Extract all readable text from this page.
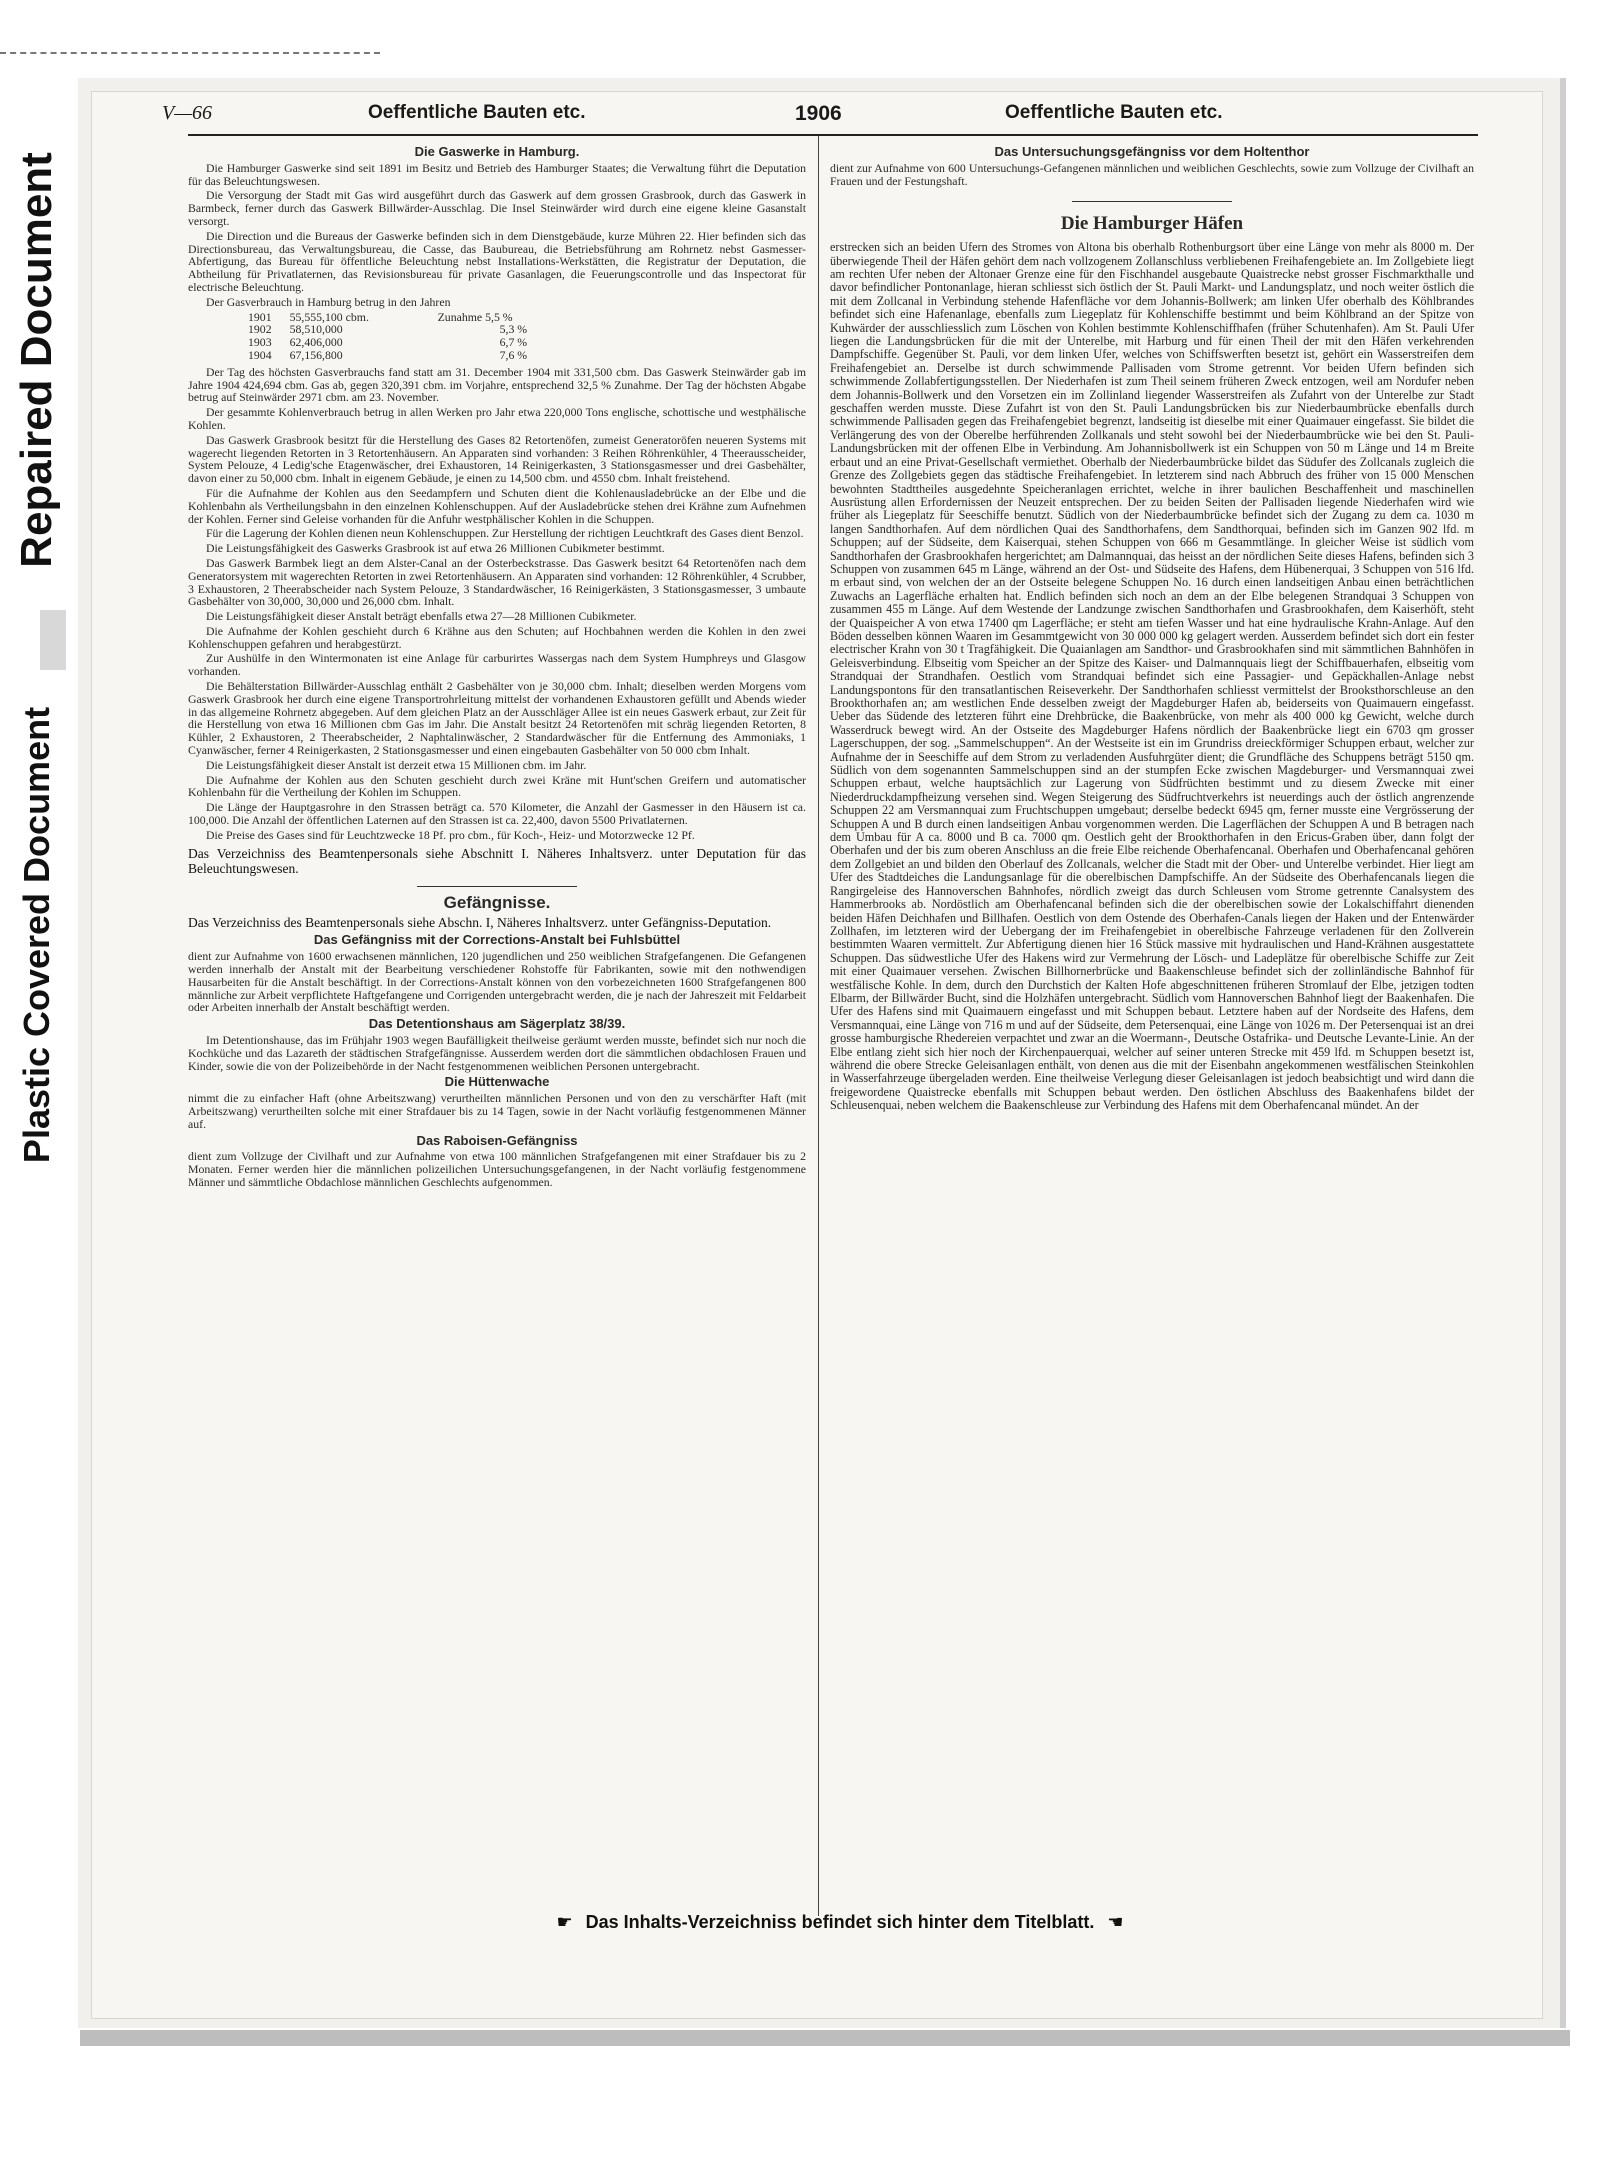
Repaired Document
Plastic Covered Document
V—66	Oeffentliche Bauten etc.	1906	Oeffentliche Bauten etc.
Die Gaswerke in Hamburg.

Die Hamburger Gaswerke sind seit 1891 im Besitz und Betrieb des Hamburger Staates; die Verwaltung führt die Deputation für das Beleuchtungswesen.

Die Versorgung der Stadt mit Gas wird ausgeführt durch das Gaswerk auf dem grossen Grasbrook, durch das Gaswerk in Barmbeck, ferner durch das Gaswerk Billwärder-Ausschlag. Die Insel Steinwärder wird durch eine eigene kleine Gasanstalt versorgt.

Die Direction und die Bureaus der Gaswerke befinden sich in dem Dienstgebäude, kurze Mühren 22. Hier befinden sich das Directionsbureau, das Verwaltungsbureau, die Casse, das Baubureau, die Betriebsführung am Rohrnetz nebst Gasmesser-Abfertigung, das Bureau für öffentliche Beleuchtung nebst Installations-Werkstätten, die Registratur der Deputation, die Abtheilung für Privatlaternen, das Revisionsbureau für private Gasanlagen, die Feuerungscontrolle und das Inspectorat für electrische Beleuchtung.

Der Gasverbrauch in Hamburg betrug in den Jahren

1901 55,555,100 cbm.	Zunahme 5,5 %
1902 58,510,000	5,3 %
1903 62,406,000	6,7 %
1904 67,156,800	7,6 %

Der Tag des höchsten Gasverbrauchs fand statt am 31. December 1904 mit 331,500 cbm. Das Gaswerk Steinwärder gab im Jahre 1904 424,694 cbm. Gas ab, gegen 320,391 cbm. im Vorjahre, entsprechend 32,5 % Zunahme. Der Tag der höchsten Abgabe betrug auf Steinwärder 2971 cbm. am 23. November.

Der gesammte Kohlenverbrauch betrug in allen Werken pro Jahr etwa 220,000 Tons englische, schottische und westphälische Kohlen.

Das Gaswerk Grasbrook besitzt für die Herstellung des Gases 82 Retortenöfen, zumeist Generatoröfen neueren Systems mit wagerecht liegenden Retorten in 3 Retortenhäusern. An Apparaten sind vorhanden: 3 Reihen Röhrenkühler, 4 Theerausscheider, System Pelouze, 4 Ledig'sche Etagenwäscher, drei Exhaustoren, 14 Reinigerkasten, 3 Stationsgasmesser und drei Gasbehälter, davon einer zu 50,000 cbm. Inhalt in eigenem Gebäude, je einen zu 14,500 cbm. und 4550 cbm. Inhalt freistehend.

Für die Aufnahme der Kohlen aus den Seedampfern und Schuten dient die Kohlenausladebrücke an der Elbe und die Kohlenbahn als Vertheilungsbahn in den einzelnen Kohlenschuppen. Auf der Ausladebrücke stehen drei Krähne zum Aufnehmen der Kohlen. Ferner sind Geleise vorhanden für die Anfuhr westphälischer Kohlen in die Schuppen.

Für die Lagerung der Kohlen dienen neun Kohlenschuppen. Zur Herstellung der richtigen Leuchtkraft des Gases dient Benzol.

Die Leistungsfähigkeit des Gaswerks Grasbrook ist auf etwa 26 Millionen Cubikmeter bestimmt.

Das Gaswerk Barmbek liegt an dem Alster-Canal an der Osterbeckstrasse. Das Gaswerk besitzt 64 Retortenöfen nach dem Generatorsystem mit wagerechten Retorten in zwei Retortenhäusern. An Apparaten sind vorhanden: 12 Röhrenkühler, 4 Scrubber, 3 Exhaustoren, 2 Theerabscheider nach System Pelouze, 3 Standardwäscher, 16 Reinigerkästen, 3 Stationsgasmesser, 3 umbaute Gasbehälter von 30,000, 30,000 und 26,000 cbm. Inhalt.

Die Leistungsfähigkeit dieser Anstalt beträgt ebenfalls etwa 27—28 Millionen Cubikmeter.

Die Aufnahme der Kohlen geschieht durch 6 Krähne aus den Schuten; auf Hochbahnen werden die Kohlen in den zwei Kohlenschuppen gefahren und herabgestürzt.

Zur Aushülfe in den Wintermonaten ist eine Anlage für carburirtes Wassergas nach dem System Humphreys und Glasgow vorhanden.

Die Behälterstation Billwärder-Ausschlag enthält 2 Gasbehälter von je 30,000 cbm. Inhalt; dieselben werden Morgens vom Gaswerk Grasbrook her durch eine eigene Transportrohrleitung mittelst der vorhandenen Exhaustoren gefüllt und Abends wieder in das allgemeine Rohrnetz abgegeben. Auf dem gleichen Platz an der Ausschläger Allee ist ein neues Gaswerk erbaut, zur Zeit für die Herstellung von etwa 16 Millionen cbm Gas im Jahr. Die Anstalt besitzt 24 Retortenöfen mit schräg liegenden Retorten, 8 Kühler, 2 Exhaustoren, 2 Theerabscheider, 2 Naphtalinwäscher, 2 Standardwäscher für die Entfernung des Ammoniaks, 1 Cyanwäscher, ferner 4 Reinigerkasten, 2 Stationsgasmesser und einen eingebauten Gasbehälter von 50 000 cbm Inhalt.

Die Leistungsfähigkeit dieser Anstalt ist derzeit etwa 15 Millionen cbm. im Jahr.

Die Aufnahme der Kohlen aus den Schuten geschieht durch zwei Kräne mit Hunt'schen Greifern und automatischer Kohlenbahn für die Vertheilung der Kohlen im Schuppen.

Die Länge der Hauptgasrohre in den Strassen beträgt ca. 570 Kilometer, die Anzahl der Gasmesser in den Häusern ist ca. 100,000. Die Anzahl der öffentlichen Laternen auf den Strassen ist ca. 22,400, davon 5500 Privatlaternen.

Die Preise des Gases sind für Leuchtzwecke 18 Pf. pro cbm., für Koch-, Heiz- und Motorzwecke 12 Pf.

Das Verzeichniss des Beamtenpersonals siehe Abschnitt I. Näheres Inhaltsverz. unter Deputation für das Beleuchtungswesen.

Gefängnisse.

Das Verzeichniss des Beamtenpersonals siehe Abschn. I, Näheres Inhaltsverz. unter Gefängniss-Deputation.

Das Gefängniss mit der Corrections-Anstalt bei Fuhlsbüttel

dient zur Aufnahme von 1600 erwachsenen männlichen, 120 jugendlichen und 250 weiblichen Strafgefangenen. Die Gefangenen werden innerhalb der Anstalt mit der Bearbeitung verschiedener Rohstoffe für Fabrikanten, sowie mit den nothwendigen Hausarbeiten für die Anstalt beschäftigt. In der Corrections-Anstalt können von den vorbezeichneten 1600 Strafgefangenen 800 männliche zur Arbeit verpflichtete Haftgefangene und Corrigenden untergebracht werden, die je nach der Jahreszeit mit Feldarbeit oder Arbeiten innerhalb der Anstalt beschäftigt werden.

Das Detentionshaus am Sägerplatz 38/39.

Im Detentionshause, das im Frühjahr 1903 wegen Baufälligkeit theilweise geräumt werden musste, befindet sich nur noch die Kochküche und das Lazareth der städtischen Strafgefängnisse. Ausserdem werden dort die sämmtlichen obdachlosen Frauen und Kinder, sowie die von der Polizeibehörde in der Nacht festgenommenen weiblichen Personen untergebracht.

Die Hüttenwache

nimmt die zu einfacher Haft (ohne Arbeitszwang) verurtheilten männlichen Personen und von den zu verschärfter Haft (mit Arbeitszwang) verurtheilten solche mit einer Strafdauer bis zu 14 Tagen, sowie in der Nacht vorläufig festgenommenen Männer auf.

Das Raboisen-Gefängniss

dient zum Vollzuge der Civilhaft und zur Aufnahme von etwa 100 männlichen Strafgefangenen mit einer Strafdauer bis zu 2 Monaten. Ferner werden hier die männlichen polizeilichen Untersuchungsgefangenen, in der Nacht vorläufig festgenommene Männer und sämmtliche Obdachlose männlichen Geschlechts aufgenommen.

Das Untersuchungsgefängniss vor dem Holtenthor

dient zur Aufnahme von 600 Untersuchungs-Gefangenen männlichen und weiblichen Geschlechts, sowie zum Vollzuge der Civilhaft an Frauen und der Festungshaft.

Die Hamburger Häfen

erstrecken sich an beiden Ufern des Stromes von Altona bis oberhalb Rothenburgsort über eine Länge von mehr als 8000 m. Der überwiegende Theil der Häfen gehört dem nach vollzogenem Zollanschluss verbliebenen Freihafengebiete an. Im Zollgebiete liegt am rechten Ufer neben der Altonaer Grenze eine für den Fischhandel ausgebaute Quaistrecke nebst grosser Fischmarkthalle und davor befindlicher Pontonanlage, hieran schliesst sich östlich der St. Pauli Markt- und Landungsplatz, und noch weiter östlich die mit dem Zollcanal in Verbindung stehende Hafenfläche vor dem Johannis-Bollwerk; am linken Ufer oberhalb des Köhlbrandes befindet sich eine Hafenanlage, ebenfalls zum Liegeplatz für Kohlenschiffe bestimmt und beim Köhlbrand an der Spitze von Kuhwärder der ausschliesslich zum Löschen von Kohlen bestimmte Kohlenschiffhafen (früher Schutenhafen). Am St. Pauli Ufer liegen die Landungsbrücken für die mit der Unterelbe, mit Harburg und für einen Theil der mit den Häfen verkehrenden Dampfschiffe. Gegenüber St. Pauli, vor dem linken Ufer, welches von Schiffswerften besetzt ist, gehört ein Wasserstreifen dem Freihafengebiet an. Derselbe ist durch schwimmende Pallisaden vom Strome getrennt. Vor beiden Ufern befinden sich schwimmende Zollabfertigungsstellen. Der Niederhafen ist zum Theil seinem früheren Zweck entzogen, weil am Nordufer neben dem Johannis-Bollwerk und den Vorsetzen ein im Zollinland liegender Wasserstreifen als Zufahrt von der Unterelbe zur Stadt geschaffen werden musste. Diese Zufahrt ist von den St. Pauli Landungsbrücken bis zur Niederbaumbrücke ebenfalls durch schwimmende Pallisaden gegen das Freihafengebiet begrenzt, landseitig ist dieselbe mit einer Quaimauer eingefasst. Sie bildet die Verlängerung des von der Oberelbe herführenden Zollkanals und steht sowohl bei der Niederbaumbrücke wie bei den St. Pauli-Landungsbrücken mit der offenen Elbe in Verbindung. Am Johannisbollwerk ist ein Schuppen von 50 m Länge und 14 m Breite erbaut und an eine Privat-Gesellschaft vermiethet. Oberhalb der Niederbaumbrücke bildet das Südufer des Zollcanals zugleich die Grenze des Zollgebiets gegen das städtische Freihafengebiet. In letzterem sind nach Abbruch des früher von 15 000 Menschen bewohnten Stadttheiles ausgedehnte Speicheranlagen errichtet, welche in ihrer baulichen Beschaffenheit und maschinellen Ausrüstung allen Erfordernissen der Neuzeit entsprechen. Der zu beiden Seiten der Pallisaden liegende Niederhafen wird wie früher als Liegeplatz für Seeschiffe benutzt. Südlich von der Niederbaumbrücke befindet sich der Zugang zu dem ca. 1030 m langen Sandthorhafen. Auf dem nördlichen Quai des Sandthorhafens, dem Sandthorquai, befinden sich im Ganzen 902 lfd. m Schuppen; auf der Südseite, dem Kaiserquai, stehen Schuppen von 666 m Gesammtlänge. In gleicher Weise ist südlich vom Sandthorhafen der Grasbrookhafen hergerichtet; am Dalmannquai, das heisst an der nördlichen Seite dieses Hafens, befinden sich 3 Schuppen von zusammen 645 m Länge, während an der Ost- und Südseite des Hafens, dem Hübenerquai, 3 Schuppen von 516 lfd. m erbaut sind, von welchen der an der Ostseite belegene Schuppen No. 16 durch einen landseitigen Anbau einen beträchtlichen Zuwachs an Lagerfläche erhalten hat. Endlich befinden sich noch an dem an der Elbe belegenen Strandquai 3 Schuppen von zusammen 455 m Länge. Auf dem Westende der Landzunge zwischen Sandthorhafen und Grasbrookhafen, dem Kaiserhöft, steht der Quaispeicher A von etwa 17400 qm Lagerfläche; er steht am tiefen Wasser und hat eine hydraulische Krahn-Anlage. Auf den Böden desselben können Waaren im Gesammtgewicht von 30 000 000 kg gelagert werden. Ausserdem befindet sich dort ein fester electrischer Krahn von 30 t Tragfähigkeit. Die Quaianlagen am Sandthor- und Grasbrookhafen sind mit sämmtlichen Bahnhöfen in Geleisverbindung. Elbseitig vom Speicher an der Spitze des Kaiser- und Dalmannquais liegt der Schiffbauerhafen, elbseitig vom Strandquai der Strandhafen. Oestlich vom Strandquai befindet sich eine Passagier- und Gepäckhallen-Anlage nebst Landungspontons für den transatlantischen Reiseverkehr. Der Sandthorhafen schliesst vermittelst der Brooksthorschleuse an den Brookthorhafen an; am westlichen Ende desselben zweigt der Magdeburger Hafen ab, beiderseits von Quaimauern eingefasst. Ueber das Südende des letzteren führt eine Drehbrücke, die Baakenbrücke, von mehr als 400 000 kg Gewicht, welche durch Wasserdruck bewegt wird. An der Ostseite des Magdeburger Hafens nördlich der Baakenbrücke liegt ein 6703 qm grosser Lagerschuppen, der sog. „Sammelschuppen“. An der Westseite ist ein im Grundriss dreieckförmiger Schuppen erbaut, welcher zur Aufnahme der in Seeschiffe auf dem Strom zu verladenden Ausfuhrgüter dient; die Grundfläche des Schuppens beträgt 5150 qm. Südlich von dem sogenannten Sammelschuppen sind an der stumpfen Ecke zwischen Magdeburger- und Versmannquai zwei Schuppen erbaut, welche hauptsächlich zur Lagerung von Südfrüchten bestimmt und zu diesem Zwecke mit einer Niederdruckdampfheizung versehen sind. Wegen Steigerung des Südfruchtverkehrs ist neuerdings auch der östlich angrenzende Schuppen 22 am Versmannquai zum Fruchtschuppen umgebaut; derselbe bedeckt 6945 qm, ferner musste eine Vergrösserung der Schuppen A und B durch einen landseitigen Anbau vorgenommen werden. Die Lagerflächen der Schuppen A und B betragen nach dem Umbau für A ca. 8000 und B ca. 7000 qm. Oestlich geht der Brookthorhafen in den Ericus-Graben über, dann folgt der Oberhafen und der bis zum oberen Anschluss an die freie Elbe reichende Oberhafencanal. Oberhafen und Oberhafencanal gehören dem Zollgebiet an und bilden den Oberlauf des Zollcanals, welcher die Stadt mit der Ober- und Unterelbe verbindet. Hier liegt am Ufer des Stadtdeiches die Landungsanlage für die oberelbischen Dampfschiffe. An der Südseite des Oberhafencanals liegen die Rangirgeleise des Hannoverschen Bahnhofes, nördlich zweigt das durch Schleusen vom Strome getrennte Canalsystem des Hammerbrooks ab. Nordöstlich am Oberhafencanal befinden sich die der oberelbischen sowie der Lokalschiffahrt dienenden beiden Häfen Deichhafen und Billhafen. Oestlich von dem Ostende des Oberhafen-Canals liegen der Haken und der Entenwärder Zollhafen, im letzteren wird der Uebergang der im Freihafengebiet in oberelbische Fahrzeuge verladenen für den Zollverein bestimmten Waaren vermittelt. Zur Abfertigung dienen hier 16 Stück massive mit hydraulischen und Hand-Krähnen ausgestattete Schuppen. Das südwestliche Ufer des Hakens wird zur Vermehrung der Lösch- und Ladeplätze für oberelbische Schiffe zur Zeit mit einer Quaimauer versehen. Zwischen Billhornerbrücke und Baakenschleuse befindet sich der zollinländische Bahnhof für westfälische Kohle. In dem, durch den Durchstich der Kalten Hofe abgeschnittenen früheren Stromlauf der Elbe, jetzigen todten Elbarm, der Billwärder Bucht, sind die Holzhäfen untergebracht. Südlich vom Hannoverschen Bahnhof liegt der Baakenhafen. Die Ufer des Hafens sind mit Quaimauern eingefasst und mit Schuppen bebaut. Letztere haben auf der Nordseite des Hafens, dem Versmannquai, eine Länge von 716 m und auf der Südseite, dem Petersenquai, eine Länge von 1026 m. Der Petersenquai ist an drei grosse hamburgische Rhedereien verpachtet und zwar an die Woermann-, Deutsche Ostafrika- und Deutsche Levante-Linie. An der Elbe entlang zieht sich hier noch der Kirchenpauerquai, welcher auf seiner unteren Strecke mit 459 lfd. m Schuppen besetzt ist, während die obere Strecke Geleisanlagen enthält, von denen aus die mit der Eisenbahn angekommenen westfälischen Steinkohlen in Wasserfahrzeuge übergeladen werden. Eine theilweise Verlegung dieser Geleisanlagen ist jedoch beabsichtigt und wird dann die freigewordene Quaistrecke ebenfalls mit Schuppen bebaut werden. Den östlichen Abschluss des Baakenhafens bildet der Schleusenquai, neben welchem die Baakenschleuse zur Verbindung des Hafens mit dem Oberhafencanal mündet. An der

☛ Das Inhalts-Verzeichniss befindet sich hinter dem Titelblatt. ☚
